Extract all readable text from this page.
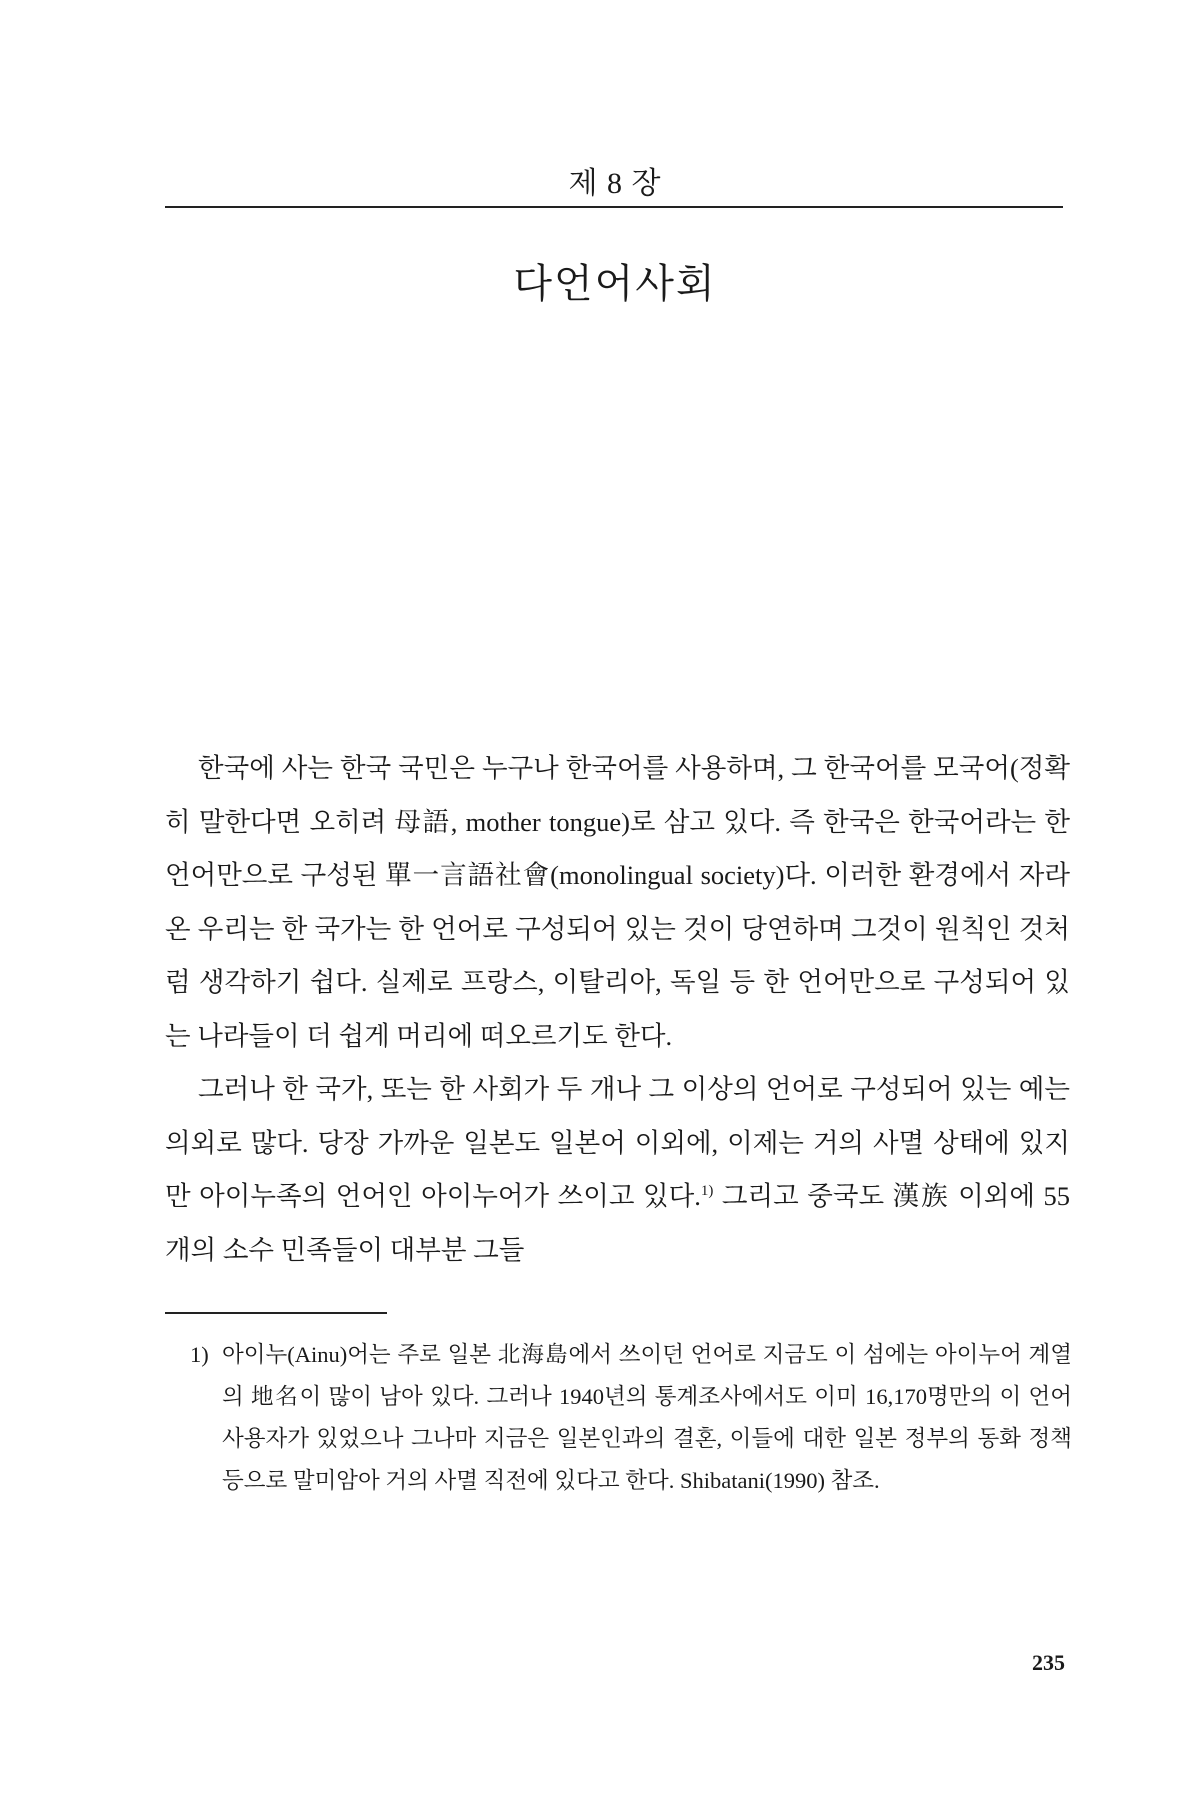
제 8 장
다언어사회

한국에 사는 한국 국민은 누구나 한국어를 사용하며, 그 한국어를 모국어(정확히 말한다면 오히려 母語, mother tongue)로 삼고 있다. 즉 한국은 한국어라는 한 언어만으로 구성된 單一言語社會(monolingual society)다. 이러한 환경에서 자라온 우리는 한 국가는 한 언어로 구성되어 있는 것이 당연하며 그것이 원칙인 것처럼 생각하기 쉽다. 실제로 프랑스, 이탈리아, 독일 등 한 언어만으로 구성되어 있는 나라들이 더 쉽게 머리에 떠오르기도 한다.

그러나 한 국가, 또는 한 사회가 두 개나 그 이상의 언어로 구성되어 있는 예는 의외로 많다. 당장 가까운 일본도 일본어 이외에, 이제는 거의 사멸 상태에 있지만 아이누족의 언어인 아이누어가 쓰이고 있다.$^{1)}$ 그리고 중국도 漢族 이외에 55개의 소수 민족들이 대부분 그들

1) 아이누(Ainu)어는 주로 일본 北海島에서 쓰이던 언어로 지금도 이 섬에는 아이누어 계열의 地名이 많이 남아 있다. 그러나 1940년의 통계조사에서도 이미 16,170명만의 이 언어 사용자가 있었으나 그나마 지금은 일본인과의 결혼, 이들에 대한 일본 정부의 동화 정책 등으로 말미암아 거의 사멸 직전에 있다고 한다. Shibatani(1990) 참조.
235
